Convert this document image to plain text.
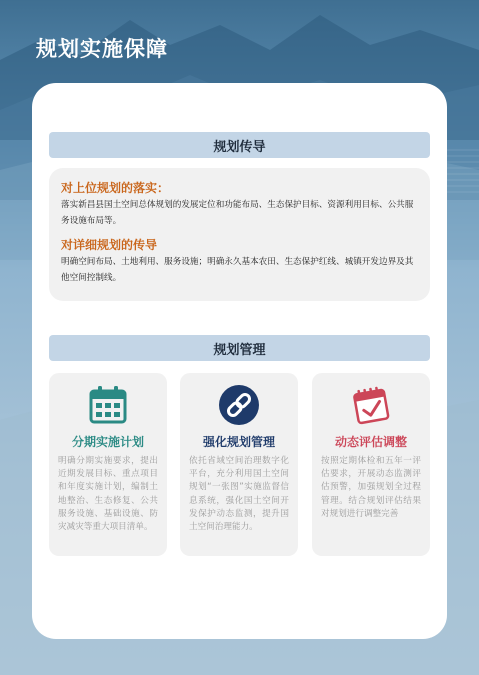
规划实施保障
规划传导
对上位规划的落实：
落实新昌县国土空间总体规划的发展定位和功能布局、生态保护目标、资源利用目标、公共服务设施布局等。
对详细规划的传导
明确空间布局、土地利用、服务设施；明确永久基本农田、生态保护红线、城镇开发边界及其他空间控制线。
规划管理
分期实施计划
明确分期实施要求，提出近期发展目标、重点项目和年度实施计划，编制土地整治、生态修复、公共服务设施、基础设施、防灾减灾等重大项目清单。
强化规划管理
依托省域空间治理数字化平台，充分利用国土空间规划“一张图”实施监督信息系统，强化国土空间开发保护动态监测，提升国土空间治理能力。
动态评估调整
按照定期体检和五年一评估要求，开展动态监测评估预警，加强规划全过程管理。结合规划评估结果对规划进行调整完善
